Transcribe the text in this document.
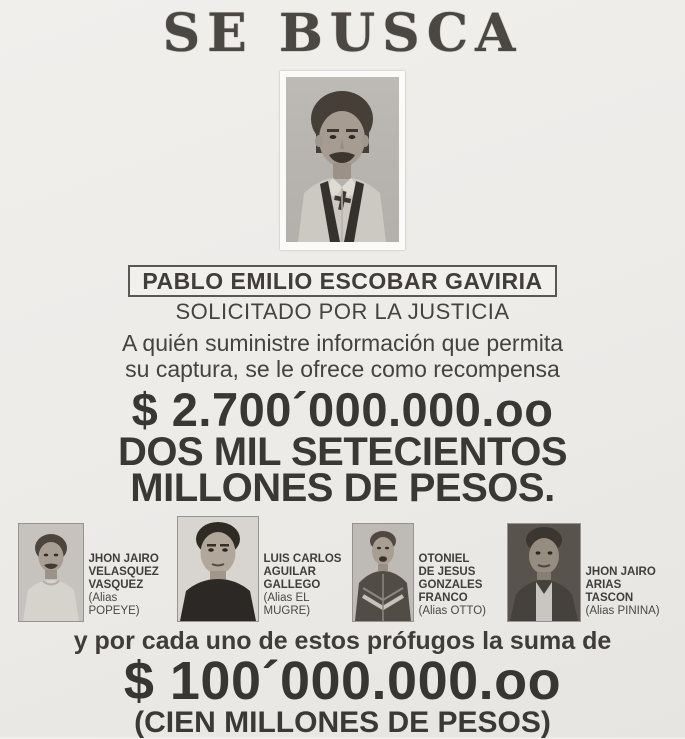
SE BUSCA
PABLO EMILIO ESCOBAR GAVIRIA
SOLICITADO POR LA JUSTICIA
A quién suministre información que permita
su captura, se le ofrece como recompensa
$ 2.700´000.000.oo
DOS MIL SETECIENTOS
MILLONES DE PESOS.
JHON JAIRO
VELASQUEZ
VASQUEZ
(Alias POPEYE)
LUIS CARLOS
AGUILAR
GALLEGO
(Alias EL MUGRE)
OTONIEL
DE JESUS
GONZALES
FRANCO
(Alias OTTO)
JHON JAIRO
ARIAS
TASCON
(Alias PININA)
y por cada uno de estos prófugos la suma de
$ 100´000.000.oo
(CIEN MILLONES DE PESOS)
